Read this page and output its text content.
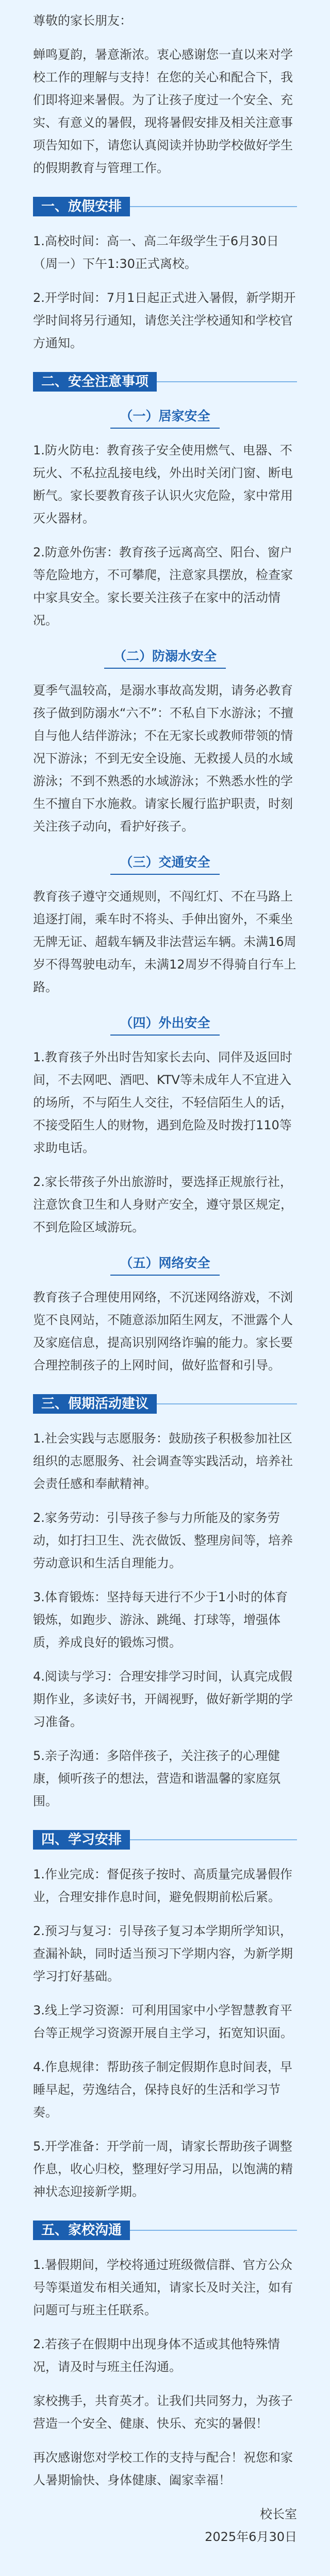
尊敬的家长朋友：

蝉鸣夏韵，暑意渐浓。衷心感谢您一直以来对学校工作的理解与支持！在您的关心和配合下，我们即将迎来暑假。为了让孩子度过一个安全、充实、有意义的暑假，现将暑假安排及相关注意事项告知如下，请您认真阅读并协助学校做好学生的假期教育与管理工作。

一、放假安排

1.高校时间：高一、高二年级学生于6月30日（周一）下午1:30正式离校。

2.开学时间：7月1日起正式进入暑假，新学期开学时间将另行通知，请您关注学校通知和学校官方通知。

二、安全注意事项
（一）居家安全

1.防火防电：教育孩子安全使用燃气、电器、不玩火、不私拉乱接电线，外出时关闭门窗、断电断气。家长要教育孩子认识火灾危险，家中常用灭火器材。

2.防意外伤害：教育孩子远离高空、阳台、窗户等危险地方，不可攀爬，注意家具摆放，检查家中家具安全。家长要关注孩子在家中的活动情况。

（二）防溺水安全

夏季气温较高，是溺水事故高发期，请务必教育孩子做到防溺水“六不”：不私自下水游泳；不擅自与他人结伴游泳；不在无家长或教师带领的情况下游泳；不到无安全设施、无救援人员的水域游泳；不到不熟悉的水域游泳；不熟悉水性的学生不擅自下水施救。请家长履行监护职责，时刻关注孩子动向，看护好孩子。

（三）交通安全

教育孩子遵守交通规则，不闯红灯、不在马路上追逐打闹，乘车时不将头、手伸出窗外，不乘坐无牌无证、超载车辆及非法营运车辆。未满16周岁不得驾驶电动车，未满12周岁不得骑自行车上路。

（四）外出安全

1.教育孩子外出时告知家长去向、同伴及返回时间，不去网吧、酒吧、KTV等未成年人不宜进入的场所，不与陌生人交往，不轻信陌生人的话，不接受陌生人的财物，遇到危险及时拨打110等求助电话。

2.家长带孩子外出旅游时，要选择正规旅行社，注意饮食卫生和人身财产安全，遵守景区规定，不到危险区域游玩。

（五）网络安全

教育孩子合理使用网络，不沉迷网络游戏，不浏览不良网站，不随意添加陌生网友，不泄露个人及家庭信息，提高识别网络诈骗的能力。家长要合理控制孩子的上网时间，做好监督和引导。

三、假期活动建议

1.社会实践与志愿服务：鼓励孩子积极参加社区组织的志愿服务、社会调查等实践活动，培养社会责任感和奉献精神。

2.家务劳动：引导孩子参与力所能及的家务劳动，如打扫卫生、洗衣做饭、整理房间等，培养劳动意识和生活自理能力。

3.体育锻炼：坚持每天进行不少于1小时的体育锻炼，如跑步、游泳、跳绳、打球等，增强体质，养成良好的锻炼习惯。

4.阅读与学习：合理安排学习时间，认真完成假期作业，多读好书，开阔视野，做好新学期的学习准备。

5.亲子沟通：多陪伴孩子，关注孩子的心理健康，倾听孩子的想法，营造和谐温馨的家庭氛围。

四、学习安排

1.作业完成：督促孩子按时、高质量完成暑假作业，合理安排作息时间，避免假期前松后紧。

2.预习与复习：引导孩子复习本学期所学知识，查漏补缺，同时适当预习下学期内容，为新学期学习打好基础。

3.线上学习资源：可利用国家中小学智慧教育平台等正规学习资源开展自主学习，拓宽知识面。

4.作息规律：帮助孩子制定假期作息时间表，早睡早起，劳逸结合，保持良好的生活和学习节奏。

5.开学准备：开学前一周，请家长帮助孩子调整作息，收心归校，整理好学习用品，以饱满的精神状态迎接新学期。

五、家校沟通

1.暑假期间，学校将通过班级微信群、官方公众号等渠道发布相关通知，请家长及时关注，如有问题可与班主任联系。

2.若孩子在假期中出现身体不适或其他特殊情况，请及时与班主任沟通。

家校携手，共育英才。让我们共同努力，为孩子营造一个安全、健康、快乐、充实的暑假！

再次感谢您对学校工作的支持与配合！祝您和家人暑期愉快、身体健康、阖家幸福！

校长室

2025年6月30日
